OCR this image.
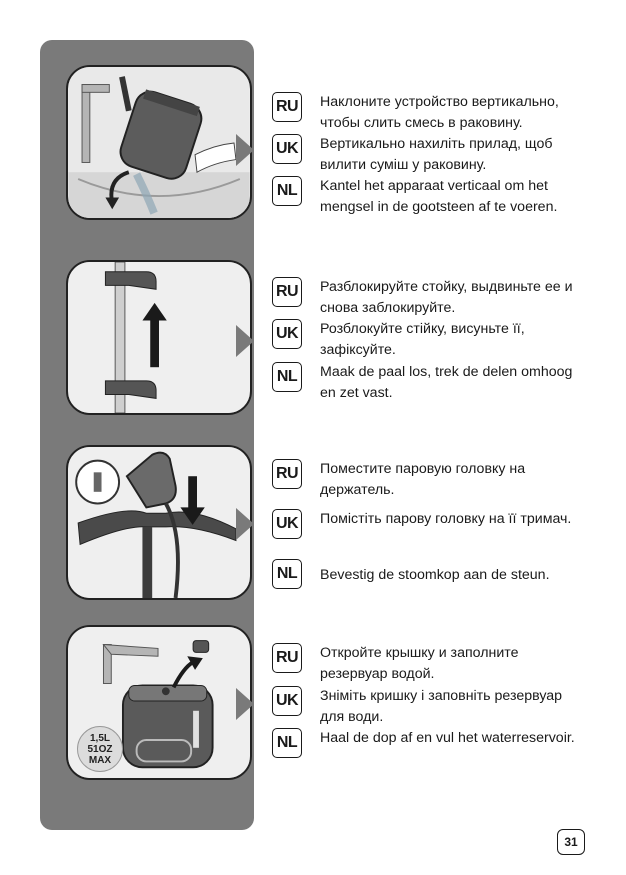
1,5L
51OZ
MAX
RU Наклоните устройство вертикально, чтобы слить смесь в раковину.
UK Вертикально нахиліть прилад, щоб вилити суміш у раковину.
NL	Kantel het apparaat verticaal om het mengsel in de gootsteen af te voeren.
RU Разблокируйте стойку, выдвиньте ее и снова заблокируйте.
UK Розблокуйте стійку, висуньте її, зафіксуйте.
NL	Maak de paal los, trek de delen omhoog en zet vast.
RU Поместите паровую головку на держатель.
UK Помістіть парову головку на її тримач.
NL	Bevestig de stoomkop aan de steun.
RU Откройте крышку и заполните резервуар водой.
UK Зніміть кришку і заповніть резервуар для води.
NL	Haal de dop af en vul het waterreservoir.
31
